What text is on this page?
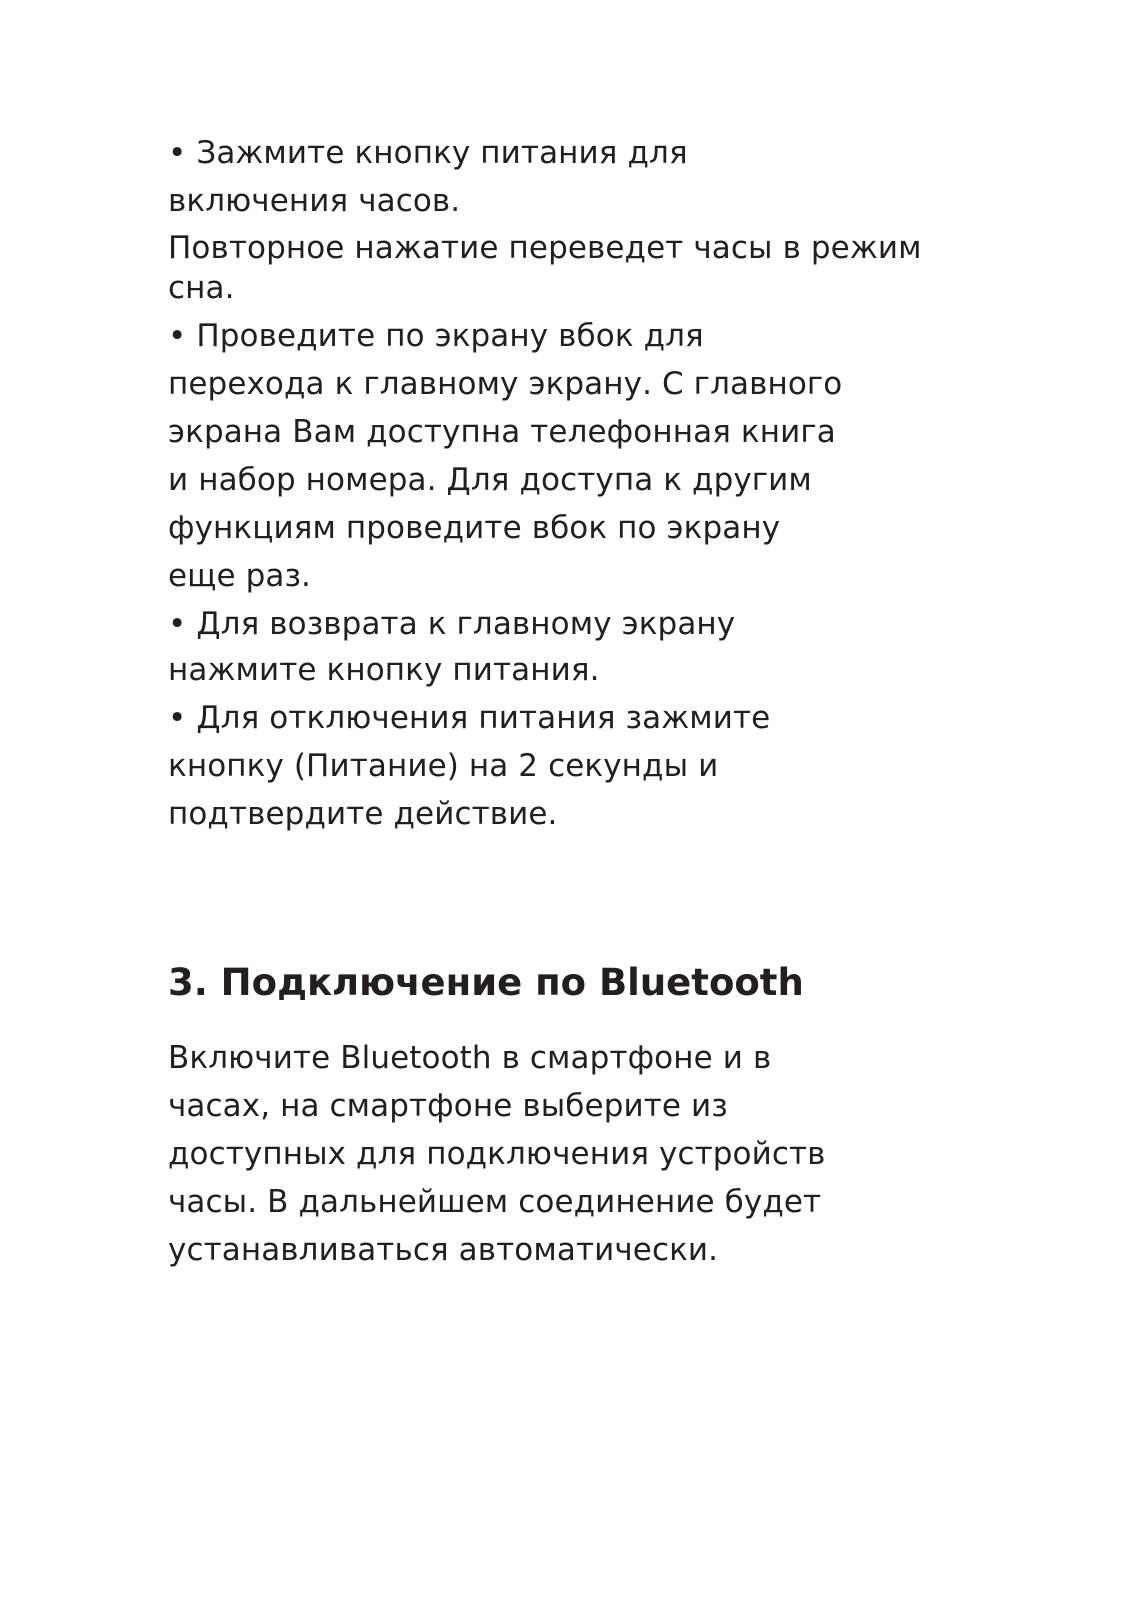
• Зажмите кнопку питания для
включения часов.
Повторное нажатие переведет часы в режим
сна.
• Проведите по экрану вбок для
перехода к главному экрану. С главного
экрана Вам доступна телефонная книга
и набор номера. Для доступа к другим
функциям проведите вбок по экрану
еще раз.
• Для возврата к главному экрану
нажмите кнопку питания.
• Для отключения питания зажмите
кнопку (Питание) на 2 секунды и
подтвердите действие.
3. Подключение по Bluetooth
Включите Bluetooth в смартфоне и в
часах, на смартфоне выберите из
доступных для подключения устройств
часы. В дальнейшем соединение будет
устанавливаться автоматически.
